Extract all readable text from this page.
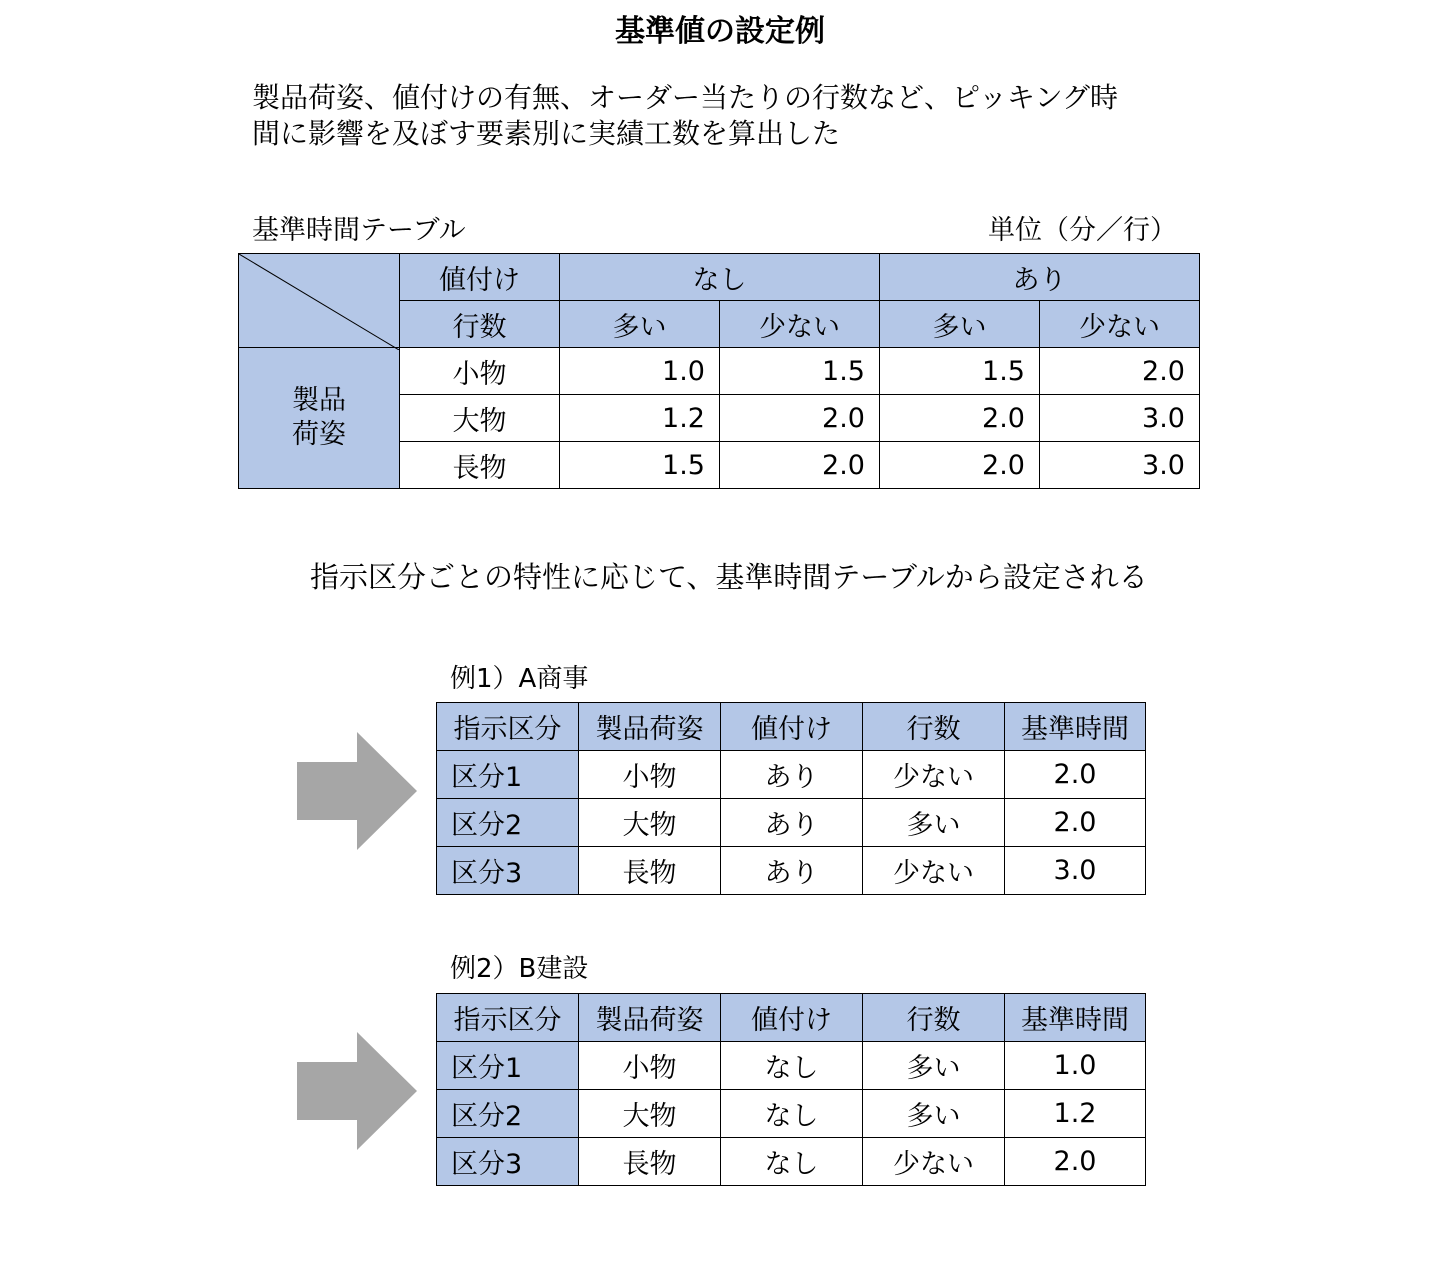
基準値の設定例
製品荷姿、値付けの有無、オーダー当たりの行数など、ピッキング時
間に影響を及ぼす要素別に実績工数を算出した
基準時間テーブル	単位（分／行）
	値付け	なし		あり	
	行数	多い	少ない	多い	少ない

製品
荷姿	小物	1.0	1.5	1.5	2.0
	大物	1.2	2.0	2.0	3.0
	長物	1.5	2.0	2.0	3.0
指示区分ごとの特性に応じて、基準時間テーブルから設定される
例1）A商事
指示区分	製品荷姿	値付け	行数	基準時間
区分1	小物	あり	少ない	2.0
区分2	大物	あり	多い	2.0
区分3	長物	あり	少ない	3.0
例2）B建設
指示区分	製品荷姿	値付け	行数	基準時間
区分1	小物	なし	多い	1.0
区分2	大物	なし	多い	1.2
区分3	長物	なし	少ない	2.0
